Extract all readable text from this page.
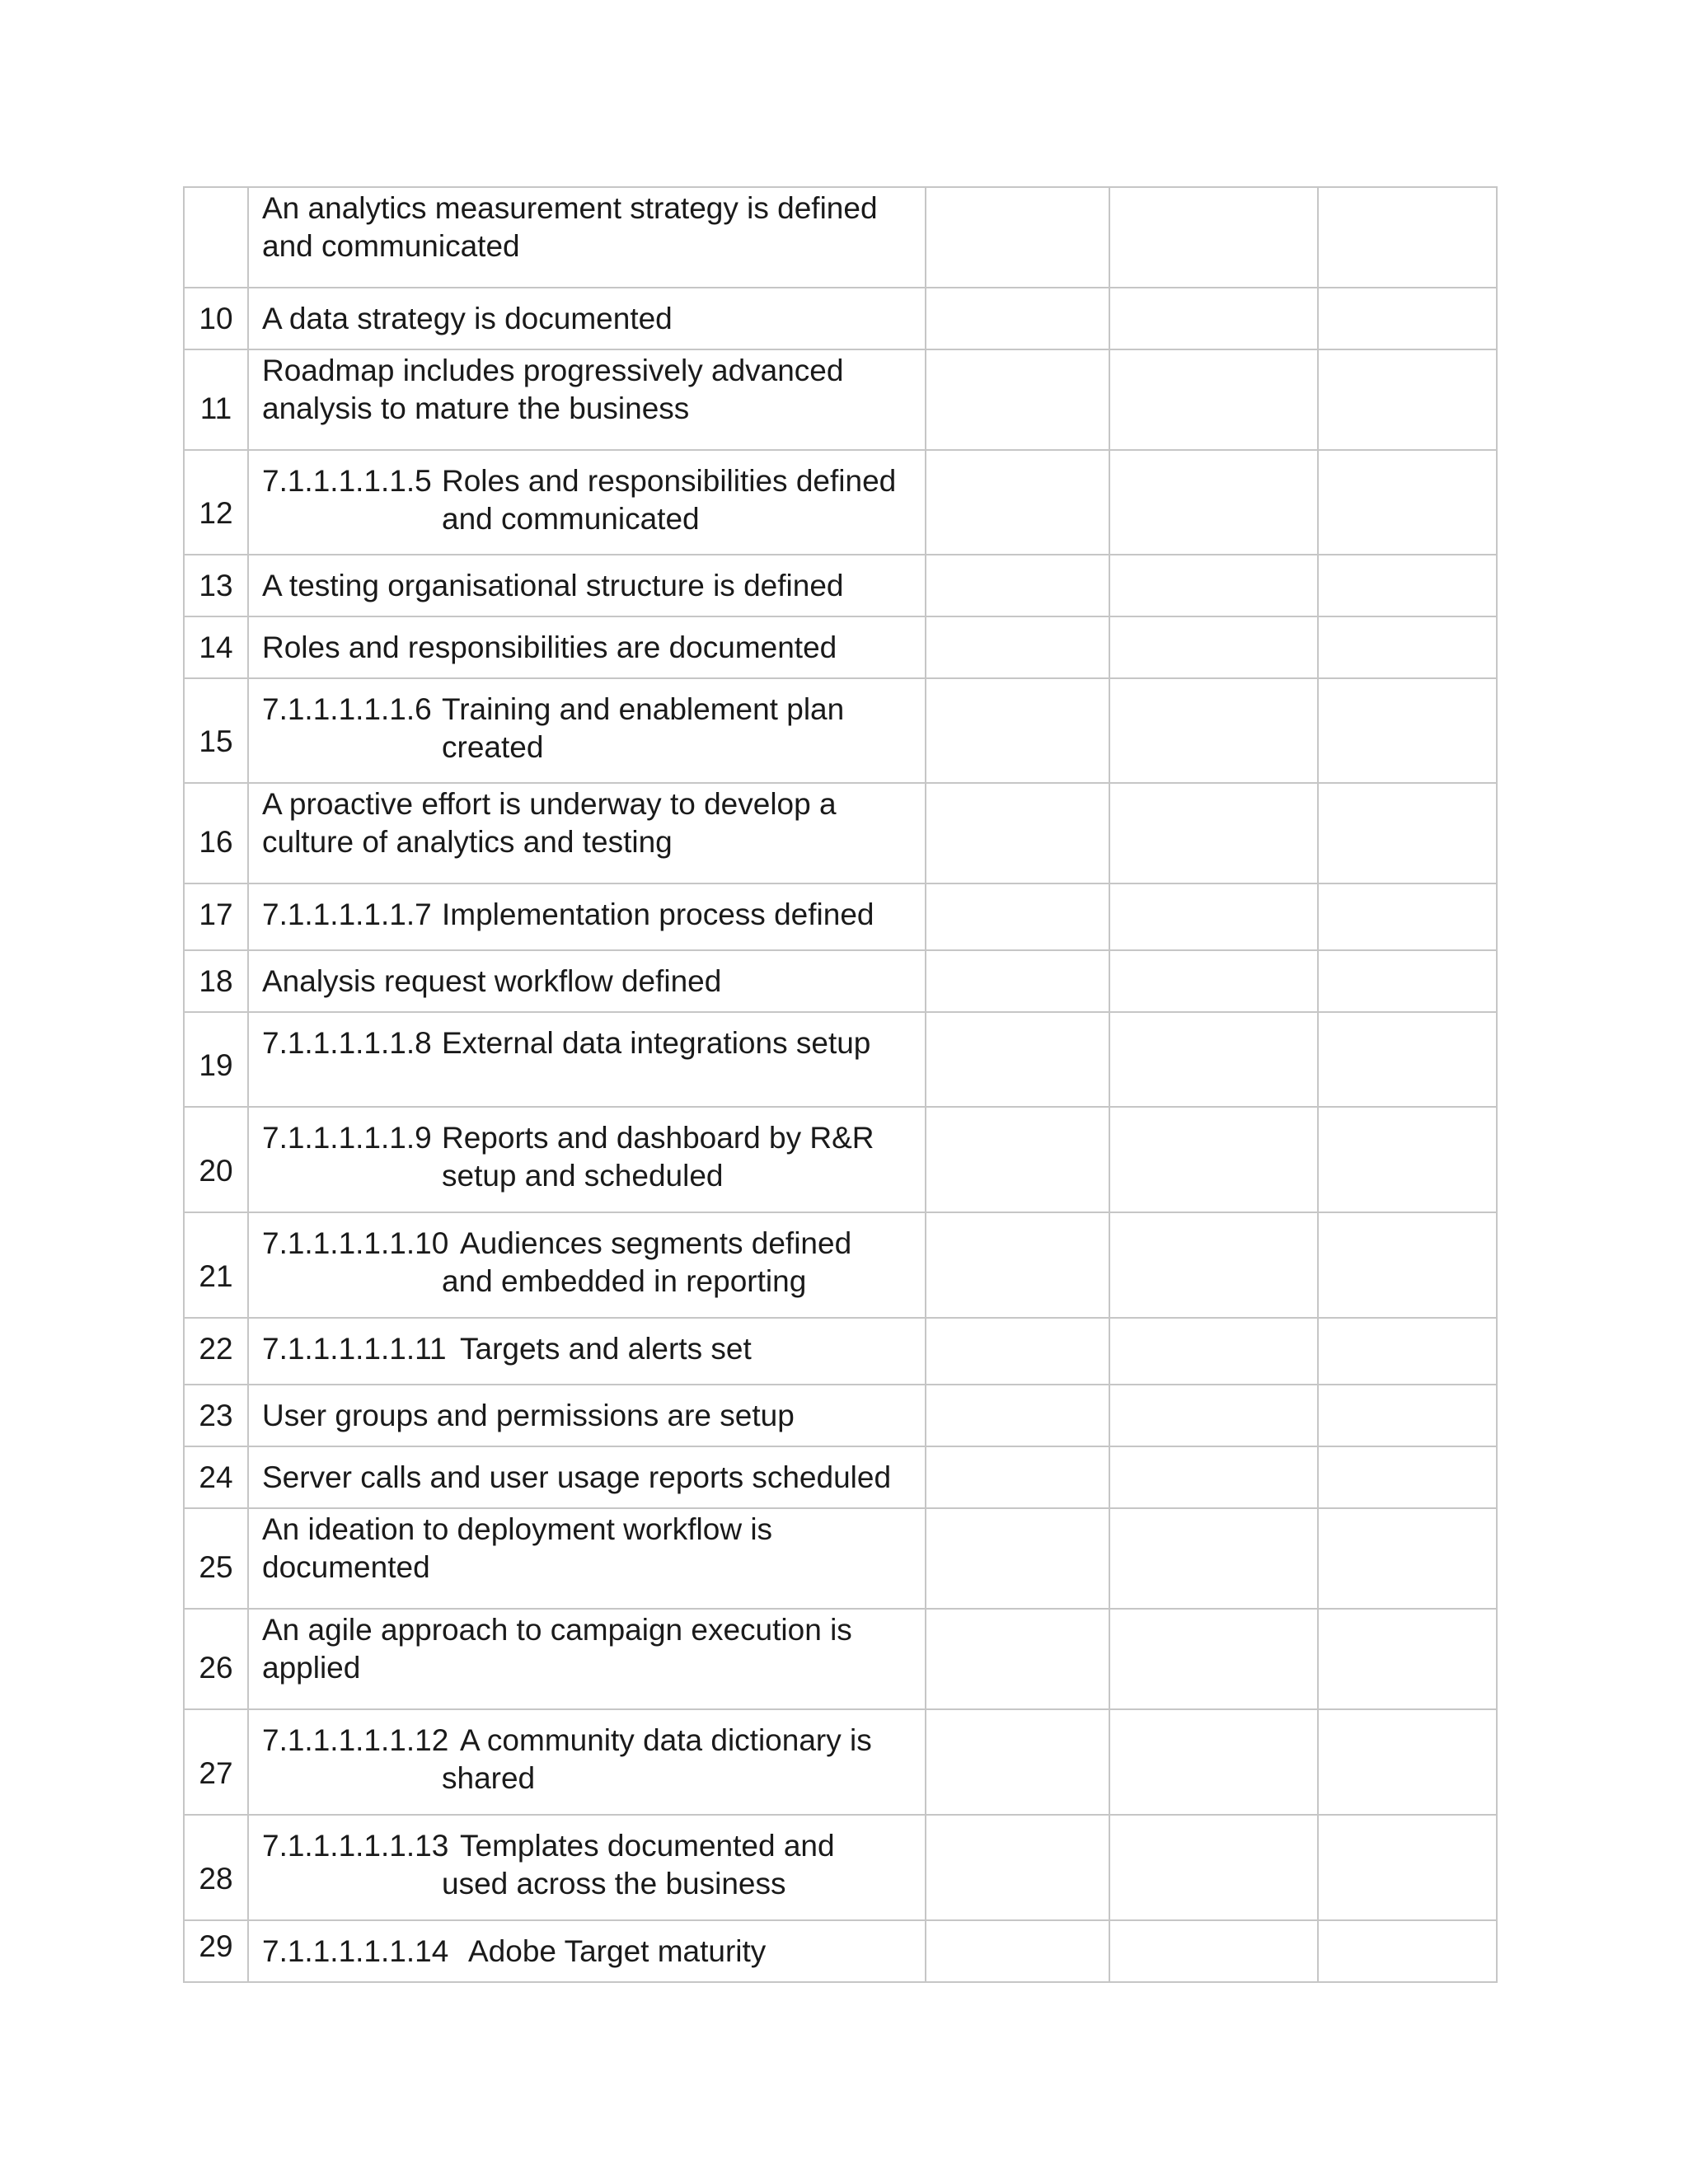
	An analytics measurement strategy is defined
and communicated			

10	A data strategy is documented			

11	Roadmap includes progressively advanced
analysis to mature the business			

12	7.1.1.1.1.1.5 Roles and responsibilities defined
and communicated			

13	A testing organisational structure is defined			

14	Roles and responsibilities are documented			

15	7.1.1.1.1.1.6 Training and enablement plan
created			

16	A proactive effort is underway to develop a
culture of analytics and testing			

17	7.1.1.1.1.1.7 Implementation process defined			

18	Analysis request workflow defined			

19	7.1.1.1.1.1.8 External data integrations setup			

20	7.1.1.1.1.1.9 Reports and dashboard by R&R
setup and scheduled			

21	7.1.1.1.1.1.10 Audiences segments defined
and embedded in reporting			

22	7.1.1.1.1.1.11 Targets and alerts set			

23	User groups and permissions are setup			

24	Server calls and user usage reports scheduled			

25	An ideation to deployment workflow is
documented			

26	An agile approach to campaign execution is
applied			

27	7.1.1.1.1.1.12 A community data dictionary is
shared			

28	7.1.1.1.1.1.13 Templates documented and
used across the business			

29	7.1.1.1.1.1.14 Adobe Target maturity			
